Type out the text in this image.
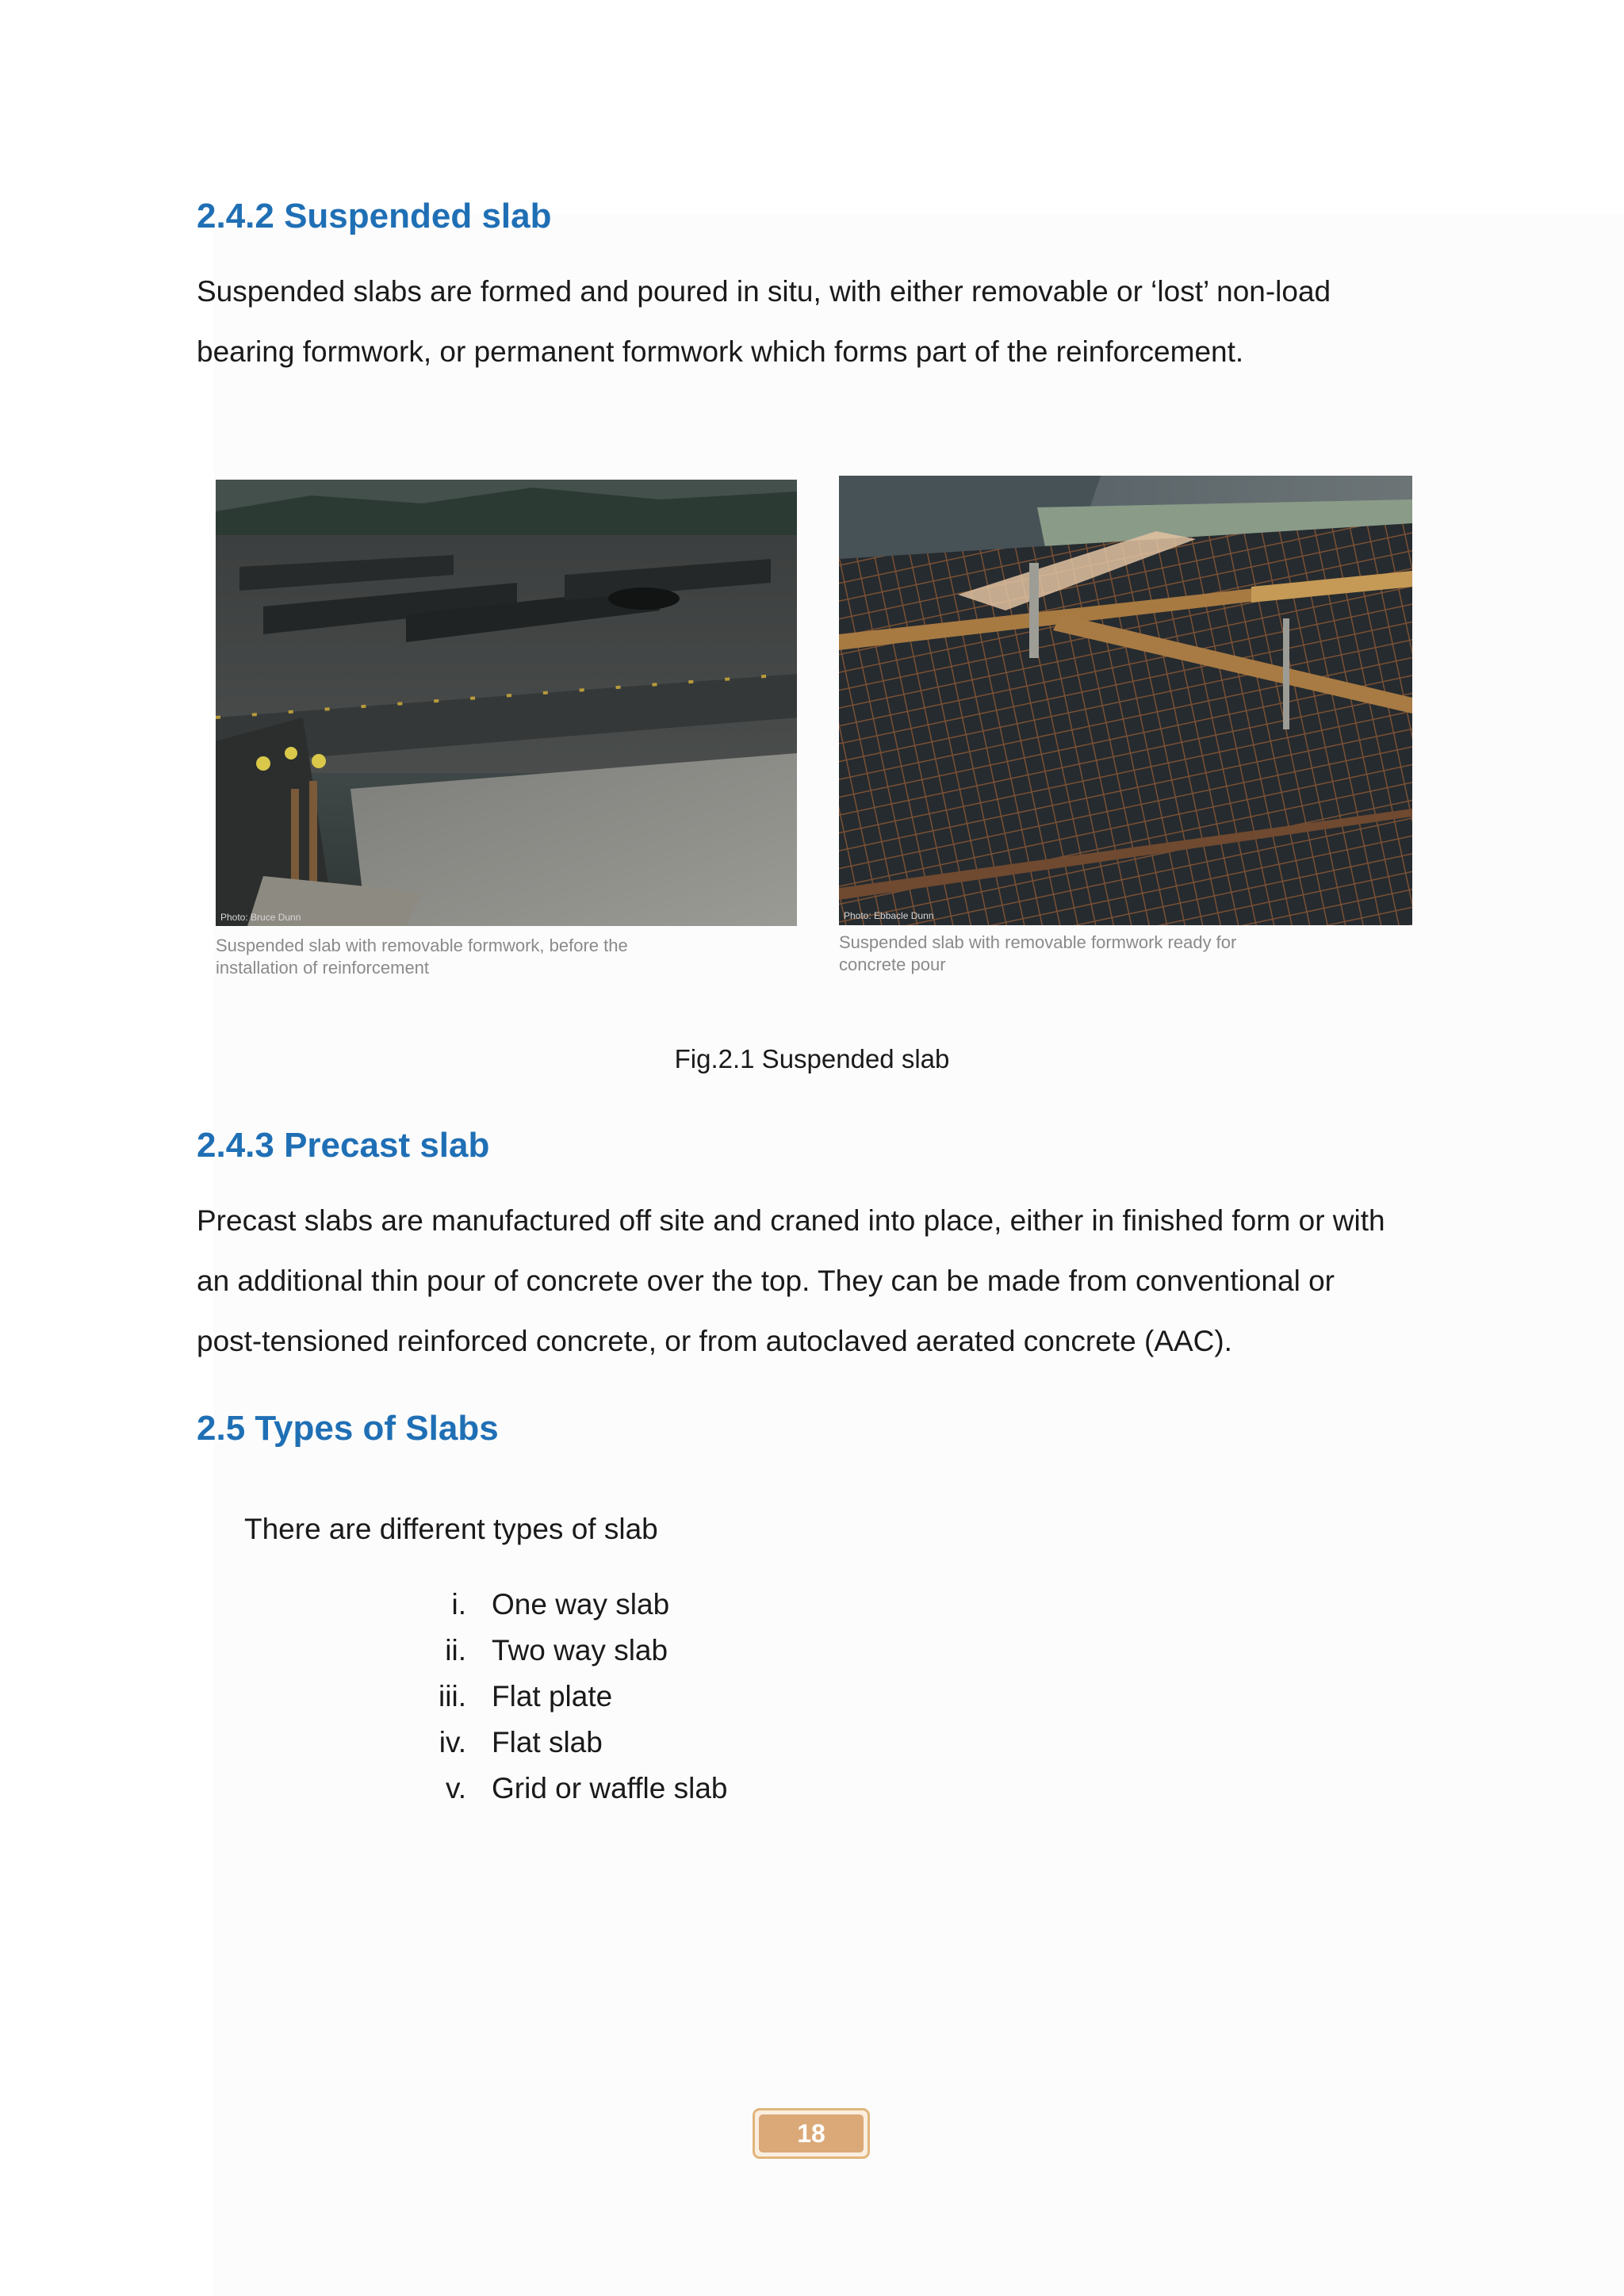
2.4.2 Suspended slab

Suspended slabs are formed and poured in situ, with either removable or ‘lost’ non-load
bearing formwork, or permanent formwork which forms part of the reinforcement.

Photo: Bruce Dunn
Suspended slab with removable formwork, before the
installation of reinforcement
Photo: Ebbacle Dunn
Suspended slab with removable formwork ready for
concrete pour
Fig.2.1 Suspended slab
2.4.3 Precast slab

Precast slabs are manufactured off site and craned into place, either in finished form or with
an additional thin pour of concrete over the top. They can be made from conventional or
post-tensioned reinforced concrete, or from autoclaved aerated concrete (AAC).

2.5 Types of Slabs

There are different types of slab

i. One way slab
ii. Two way slab
iii. Flat plate
iv. Flat slab
v. Grid or waffle slab
18
